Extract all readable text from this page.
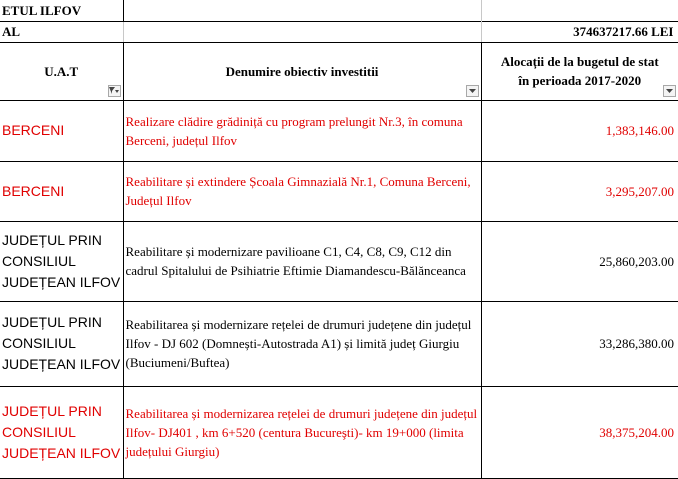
ETUL ILFOV		
AL		374637217.66 LEI
U.A.T	Denumire obiectiv investitii	Alocații de la bugetul de stat
în perioada 2017-2020

BERCENI	Realizare clădire grădiniță cu program prelungit Nr.3, în comuna Berceni, județul Ilfov	1,383,146.00
BERCENI	Reabilitare și extindere Școala Gimnazială Nr.1, Comuna Berceni, Județul Ilfov	3,295,207.00
JUDEȚUL PRIN CONSILIUL JUDEȚEAN ILFOV	Reabilitare și modernizare pavilioane C1, C4, C8, C9, C12 din cadrul Spitalului de Psihiatrie Eftimie Diamandescu-Bălănceanca	25,860,203.00
JUDEȚUL PRIN CONSILIUL JUDEȚEAN ILFOV	Reabilitarea și modernizare rețelei de drumuri județene din județul Ilfov - DJ 602 (Domnești-Autostrada A1) și limită județ Giurgiu (Buciumeni/Buftea)	33,286,380.00
JUDEȚUL PRIN CONSILIUL JUDEȚEAN ILFOV	Reabilitarea și modernizarea rețelei de drumuri județene din județul Ilfov- DJ401 , km 6+520 (centura Bucureşti)- km 19+000 (limita județului Giurgiu)	38,375,204.00
